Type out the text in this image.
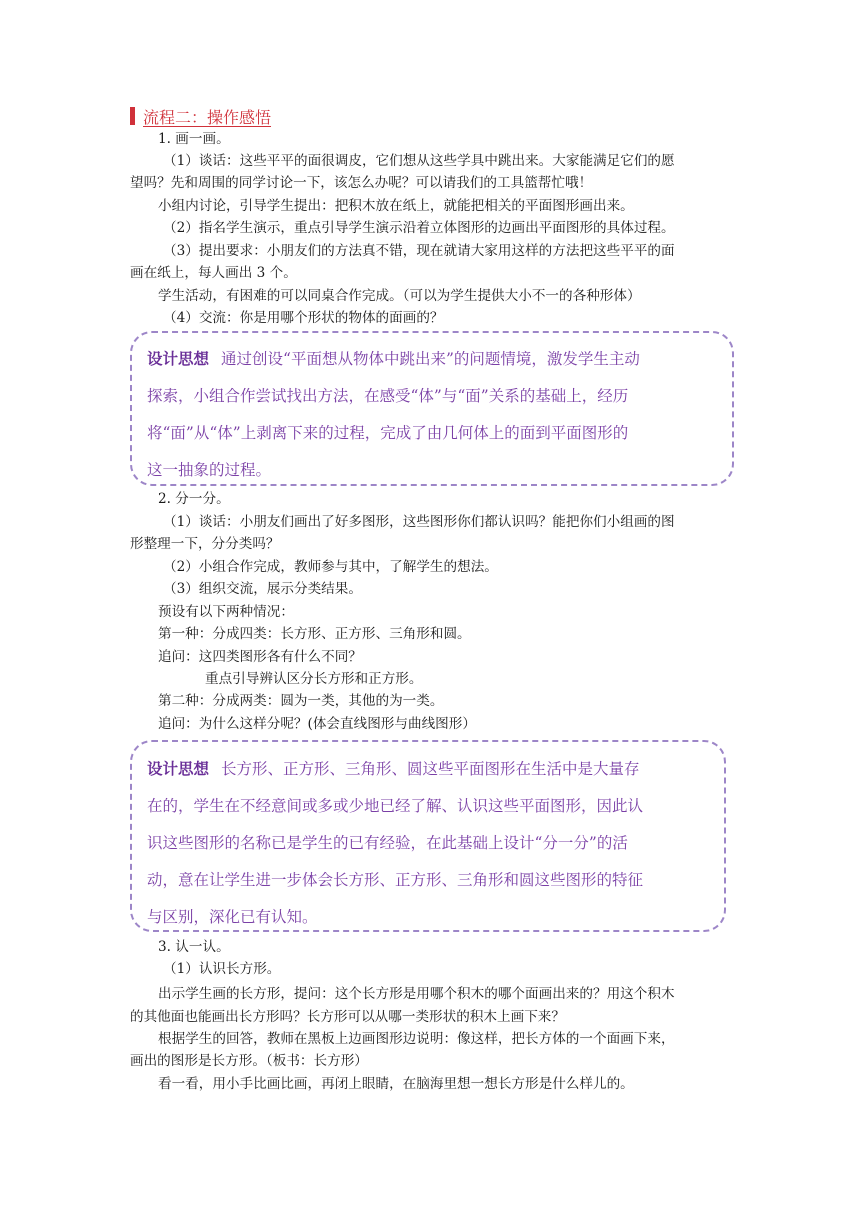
流程二：操作感悟
1. 画一画。
（1）谈话：这些平平的面很调皮，它们想从这些学具中跳出来。大家能满足它们的愿
望吗？先和周围的同学讨论一下，该怎么办呢？可以请我们的工具篮帮忙哦！
小组内讨论，引导学生提出：把积木放在纸上，就能把相关的平面图形画出来。
（2）指名学生演示，重点引导学生演示沿着立体图形的边画出平面图形的具体过程。
（3）提出要求：小朋友们的方法真不错，现在就请大家用这样的方法把这些平平的面
画在纸上，每人画出 3 个。
学生活动，有困难的可以同桌合作完成。（可以为学生提供大小不一的各种形体）
（4）交流：你是用哪个形状的物体的面画的？
设计思想 通过创设“平面想从物体中跳出来”的问题情境，激发学生主动
探索，小组合作尝试找出方法，在感受“体”与“面”关系的基础上，经历
将“面”从“体”上剥离下来的过程，完成了由几何体上的面到平面图形的
这一抽象的过程。
2. 分一分。
（1）谈话：小朋友们画出了好多图形，这些图形你们都认识吗？能把你们小组画的图
形整理一下，分分类吗？
（2）小组合作完成，教师参与其中，了解学生的想法。
（3）组织交流，展示分类结果。
预设有以下两种情况：
第一种：分成四类：长方形、正方形、三角形和圆。
追问：这四类图形各有什么不同？
重点引导辨认区分长方形和正方形。
第二种：分成两类：圆为一类，其他的为一类。
追问：为什么这样分呢？(体会直线图形与曲线图形）
设计思想 长方形、正方形、三角形、圆这些平面图形在生活中是大量存
在的，学生在不经意间或多或少地已经了解、认识这些平面图形，因此认
识这些图形的名称已是学生的已有经验，在此基础上设计“分一分”的活
动，意在让学生进一步体会长方形、正方形、三角形和圆这些图形的特征
与区别，深化已有认知。
3. 认一认。
（1）认识长方形。
出示学生画的长方形，提问：这个长方形是用哪个积木的哪个面画出来的？用这个积木
的其他面也能画出长方形吗？长方形可以从哪一类形状的积木上画下来？
根据学生的回答，教师在黑板上边画图形边说明：像这样，把长方体的一个面画下来，
画出的图形是长方形。（板书：长方形）
看一看，用小手比画比画，再闭上眼睛，在脑海里想一想长方形是什么样儿的。
